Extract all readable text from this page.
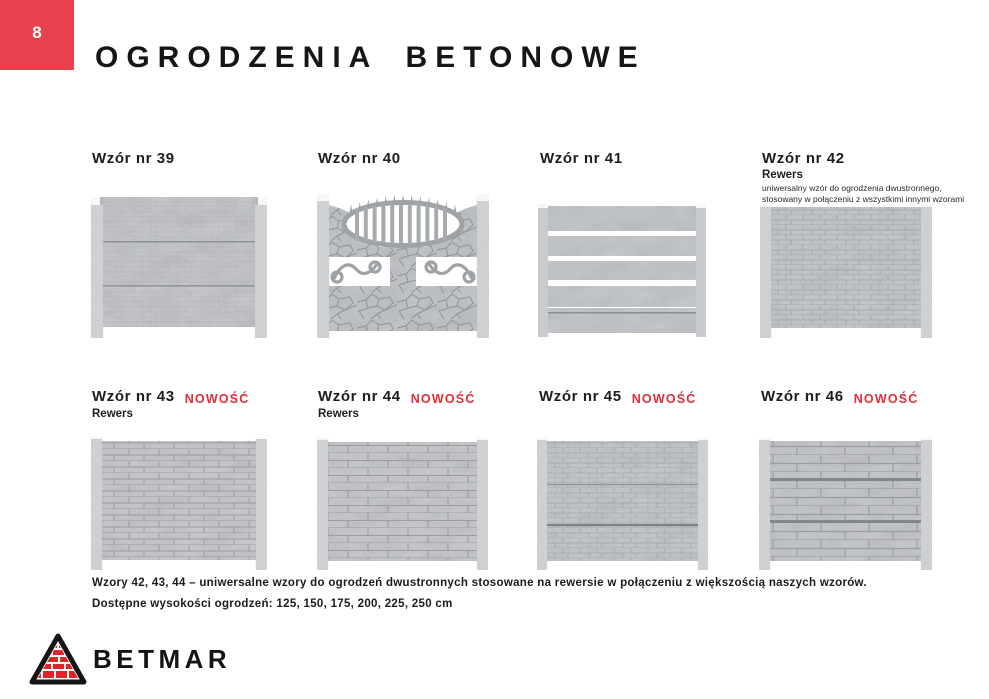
8
OGRODZENIA BETONOWE
Wzór nr 39	Wzór nr 40	Wzór nr 41	Wzór nr 42
Rewers
uniwersalny wzór do ogrodzenia dwustronnego,
stosowany w połączeniu z wszystkimi innymi wzorami
Wzór nr 43 NOWOŚĆ
Rewers
Wzór nr 44 NOWOŚĆ
Rewers
Wzór nr 45 NOWOŚĆ	Wzór nr 46 NOWOŚĆ
Wzory 42, 43, 44 – uniwersalne wzory do ogrodzeń dwustronnych stosowane na rewersie w połączeniu z większością naszych wzorów.
Dostępne wysokości ogrodzeń: 125, 150, 175, 200, 225, 250 cm
BETMAR
